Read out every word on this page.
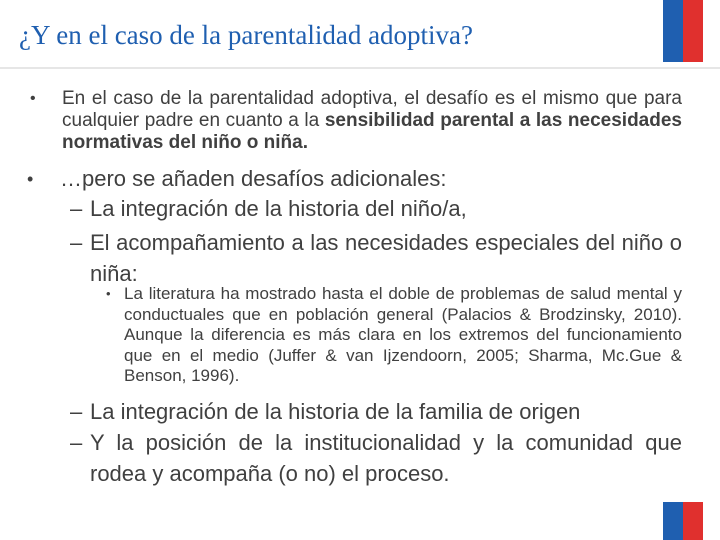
¿Y en el caso de la parentalidad adoptiva?
• En el caso de la parentalidad adoptiva, el desafío es el mismo que para cualquier padre en cuanto a la sensibilidad parental a las necesidades normativas del niño o niña.
• …pero se añaden desafíos adicionales:
– La integración de la historia del niño/a,
– El acompañamiento a las necesidades especiales del niño o niña:
• La literatura ha mostrado hasta el doble de problemas de salud mental y conductuales que en población general (Palacios & Brodzinsky, 2010). Aunque la diferencia es más clara en los extremos del funcionamiento que en el medio (Juffer & van Ijzendoorn, 2005; Sharma, Mc.Gue & Benson, 1996).
– La integración de la historia de la familia de origen
– Y la posición de la institucionalidad y la comunidad que rodea y acompaña (o no) el proceso.
